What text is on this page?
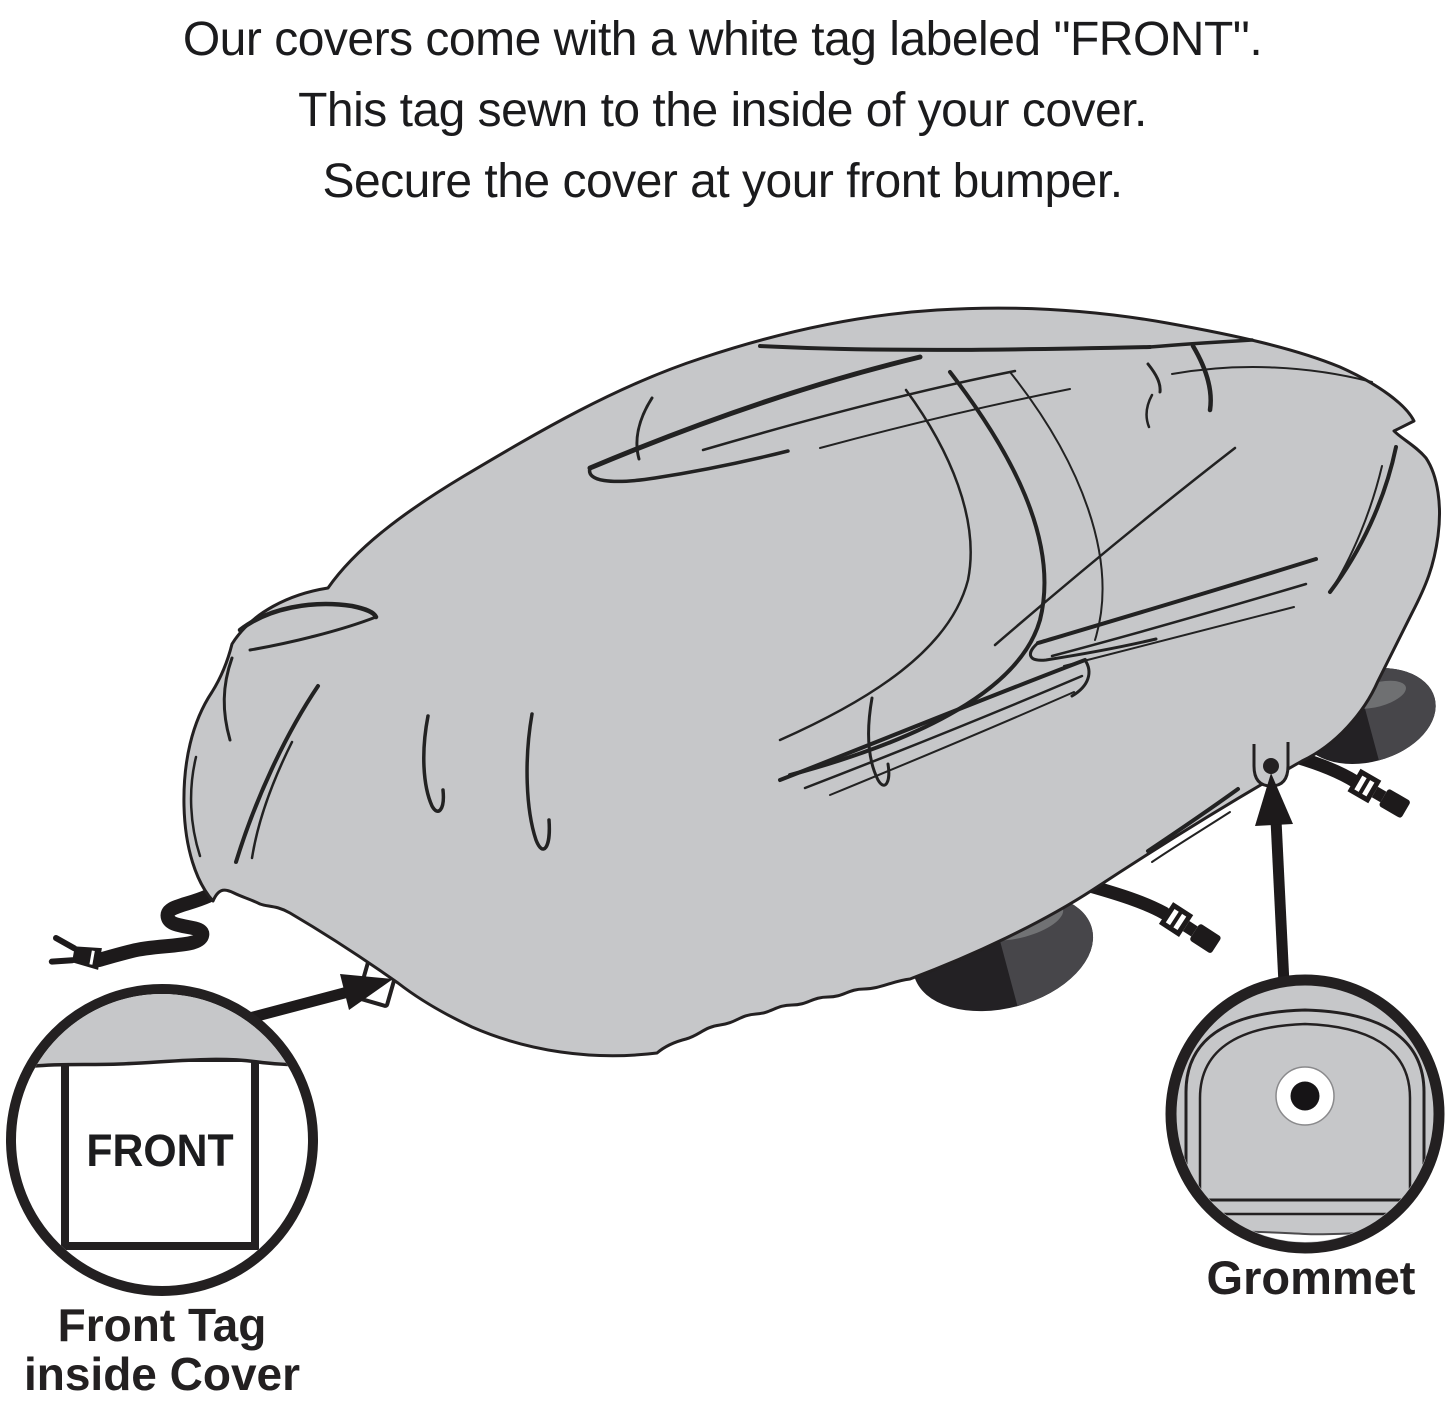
Our covers come with a white tag labeled "FRONT".
This tag sewn to the inside of your cover.
Secure the cover at your front bumper.
FRONT
Front Tag
inside Cover
Grommet
